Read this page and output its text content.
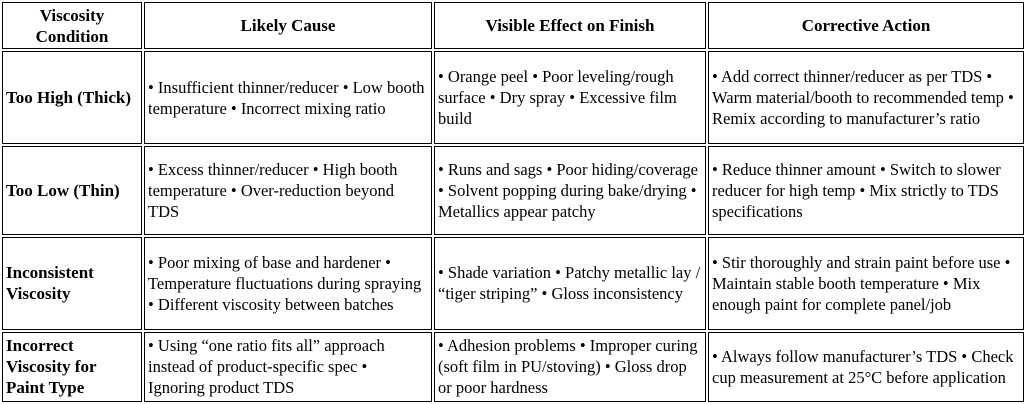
Viscosity Condition	Likely Cause	Visible Effect on Finish	Corrective Action
Too High (Thick)	• Insufficient thinner/reducer • Low booth temperature • Incorrect mixing ratio	• Orange peel • Poor leveling/rough surface • Dry spray • Excessive film build	• Add correct thinner/reducer as per TDS • Warm material/booth to recommended temp • Remix according to manufacturer’s ratio
Too Low (Thin)	• Excess thinner/reducer • High booth temperature • Over-reduction beyond TDS	• Runs and sags • Poor hiding/coverage • Solvent popping during bake/drying • Metallics appear patchy	• Reduce thinner amount • Switch to slower reducer for high temp • Mix strictly to TDS specifications
Inconsistent Viscosity	• Poor mixing of base and hardener • Temperature fluctuations during spraying • Different viscosity between batches	• Shade variation • Patchy metallic lay / “tiger striping” • Gloss inconsistency	• Stir thoroughly and strain paint before use • Maintain stable booth temperature • Mix enough paint for complete panel/job
Incorrect Viscosity for Paint Type	• Using “one ratio fits all” approach instead of product-specific spec • Ignoring product TDS	• Adhesion problems • Improper curing (soft film in PU/stoving) • Gloss drop or poor hardness	• Always follow manufacturer’s TDS • Check cup measurement at 25°C before application
